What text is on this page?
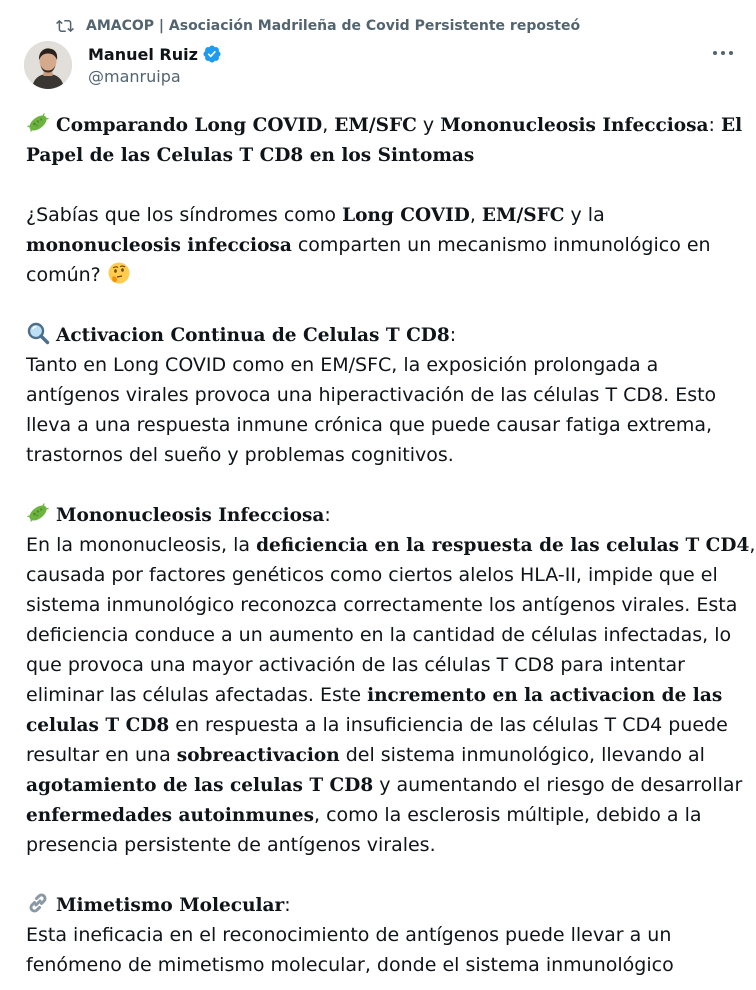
AMACOP | Asociación Madrileña de Covid Persistente reposteó
Manuel Ruiz
@manruipa
Comparando Long COVID, EM/SFC y Mononucleosis Infecciosa: El
Papel de las Celulas T CD8 en los Sintomas
¿Sabías que los síndromes como Long COVID, EM/SFC y la
mononucleosis infecciosa comparten un mecanismo inmunológico en
común?
Activacion Continua de Celulas T CD8:
Tanto en Long COVID como en EM/SFC, la exposición prolongada a
antígenos virales provoca una hiperactivación de las células T CD8. Esto
lleva a una respuesta inmune crónica que puede causar fatiga extrema,
trastornos del sueño y problemas cognitivos.
Mononucleosis Infecciosa:
En la mononucleosis, la deficiencia en la respuesta de las celulas T CD4,
causada por factores genéticos como ciertos alelos HLA-II, impide que el
sistema inmunológico reconozca correctamente los antígenos virales. Esta
deficiencia conduce a un aumento en la cantidad de células infectadas, lo
que provoca una mayor activación de las células T CD8 para intentar
eliminar las células afectadas. Este incremento en la activacion de las
celulas T CD8 en respuesta a la insuficiencia de las células T CD4 puede
resultar en una sobreactivacion del sistema inmunológico, llevando al
agotamiento de las celulas T CD8 y aumentando el riesgo de desarrollar
enfermedades autoinmunes, como la esclerosis múltiple, debido a la
presencia persistente de antígenos virales.
Mimetismo Molecular:
Esta ineficacia en el reconocimiento de antígenos puede llevar a un
fenómeno de mimetismo molecular, donde el sistema inmunológico
